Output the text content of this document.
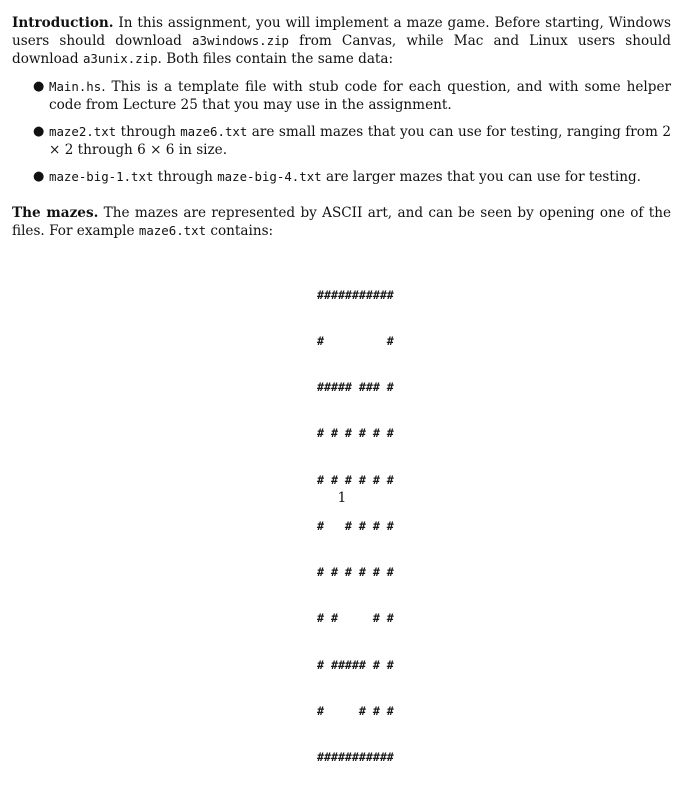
Introduction. In this assignment, you will implement a maze game. Before starting, Windows users should download a3windows.zip from Canvas, while Mac and Linux users should download a3unix.zip. Both files contain the same data:

● Main.hs. This is a template file with stub code for each question, and with some helper code from Lecture 25 that you may use in the assignment.
● maze2.txt through maze6.txt are small mazes that you can use for testing, ranging from 2 × 2 through 6 × 6 in size.
● maze-big-1.txt through maze-big-4.txt are larger mazes that you can use for testing.

The mazes. The mazes are represented by ASCII art, and can be seen by opening one of the files. For example maze6.txt contains:

###########

#         #

##### ### #

# # # # # #

# # # # # #

#   # # # #

# # # # # #

# #     # #

# ##### # #

#     # # #

###########

1
